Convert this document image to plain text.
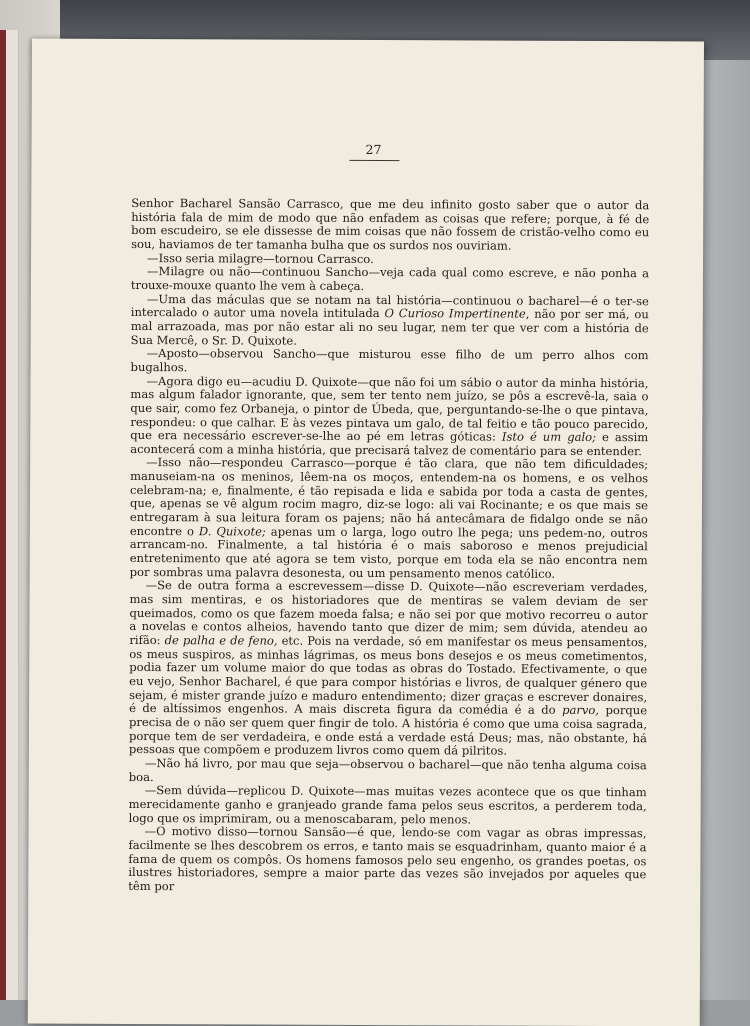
27

Senhor Bacharel Sansão Carrasco, que me deu infinito gosto saber que o autor da história fala de mim de modo que não enfadem as coisas que refere; porque, à fé de bom escudeiro, se ele dissesse de mim coisas que não fossem de cristão-velho como eu sou, haviamos de ter tamanha bulha que os surdos nos ouviriam.

—Isso seria milagre—tornou Carrasco.

—Milagre ou não—continuou Sancho—veja cada qual como escreve, e não ponha a trouxe-mouxe quanto lhe vem à cabeça.

—Uma das máculas que se notam na tal história—continuou o bacharel—é o ter-se intercalado o autor uma novela intitulada O Curioso Impertinente, não por ser má, ou mal arrazoada, mas por não estar ali no seu lugar, nem ter que ver com a história de Sua Mercê, o Sr. D. Quixote.

—Aposto—observou Sancho—que misturou esse filho de um perro alhos com bugalhos.

—Agora digo eu—acudiu D. Quixote—que não foi um sábio o autor da minha história, mas algum falador ignorante, que, sem ter tento nem juízo, se pôs a escrevê-la, saia o que sair, como fez Orbaneja, o pintor de Úbeda, que, perguntando-se-lhe o que pintava, respondeu: o que calhar. E às vezes pintava um galo, de tal feitio e tão pouco parecido, que era necessário escrever-se-lhe ao pé em letras góticas: Isto é um galo; e assim acontecerá com a minha história, que precisará talvez de comentário para se entender.

—Isso não—respondeu Carrasco—porque é tão clara, que não tem dificuldades; manuseiam-na os meninos, lêem-na os moços, entendem-na os homens, e os velhos celebram-na; e, finalmente, é tão repisada e lida e sabida por toda a casta de gentes, que, apenas se vê algum rocim magro, diz-se logo: ali vai Rocinante; e os que mais se entregaram à sua leitura foram os pajens; não há antecâmara de fidalgo onde se não encontre o D. Quixote; apenas um o larga, logo outro lhe pega; uns pedem-no, outros arrancam-no. Finalmente, a tal história é o mais saboroso e menos prejudicial entretenimento que até agora se tem visto, porque em toda ela se não encontra nem por sombras uma palavra desonesta, ou um pensamento menos católico.

—Se de outra forma a escrevessem—disse D. Quixote—não escreveriam verdades, mas sim mentiras, e os historiadores que de mentiras se valem deviam de ser queimados, como os que fazem moeda falsa; e não sei por que motivo recorreu o autor a novelas e contos alheios, havendo tanto que dizer de mim; sem dúvida, atendeu ao rifão: de palha e de feno, etc. Pois na verdade, só em manifestar os meus pensamentos, os meus suspiros, as minhas lágrimas, os meus bons desejos e os meus cometimentos, podia fazer um volume maior do que todas as obras do Tostado. Efectivamente, o que eu vejo, Senhor Bacharel, é que para compor histórias e livros, de qualquer género que sejam, é mister grande juízo e maduro entendimento; dizer graças e escrever donaires, é de altíssimos engenhos. A mais discreta figura da comédia é a do parvo, porque precisa de o não ser quem quer fingir de tolo. A história é como que uma coisa sagrada, porque tem de ser verdadeira, e onde está a verdade está Deus; mas, não obstante, há pessoas que compõem e produzem livros como quem dá pilritos.

—Não há livro, por mau que seja—observou o bacharel—que não tenha alguma coisa boa.

—Sem dúvida—replicou D. Quixote—mas muitas vezes acontece que os que tinham merecidamente ganho e granjeado grande fama pelos seus escritos, a perderem toda, logo que os imprimiram, ou a menoscabaram, pelo menos.

—O motivo disso—tornou Sansão—é que, lendo-se com vagar as obras impressas, facilmente se lhes descobrem os erros, e tanto mais se esquadrinham, quanto maior é a fama de quem os compôs. Os homens famosos pelo seu engenho, os grandes poetas, os ilustres historiadores, sempre a maior parte das vezes são invejados por aqueles que têm por
